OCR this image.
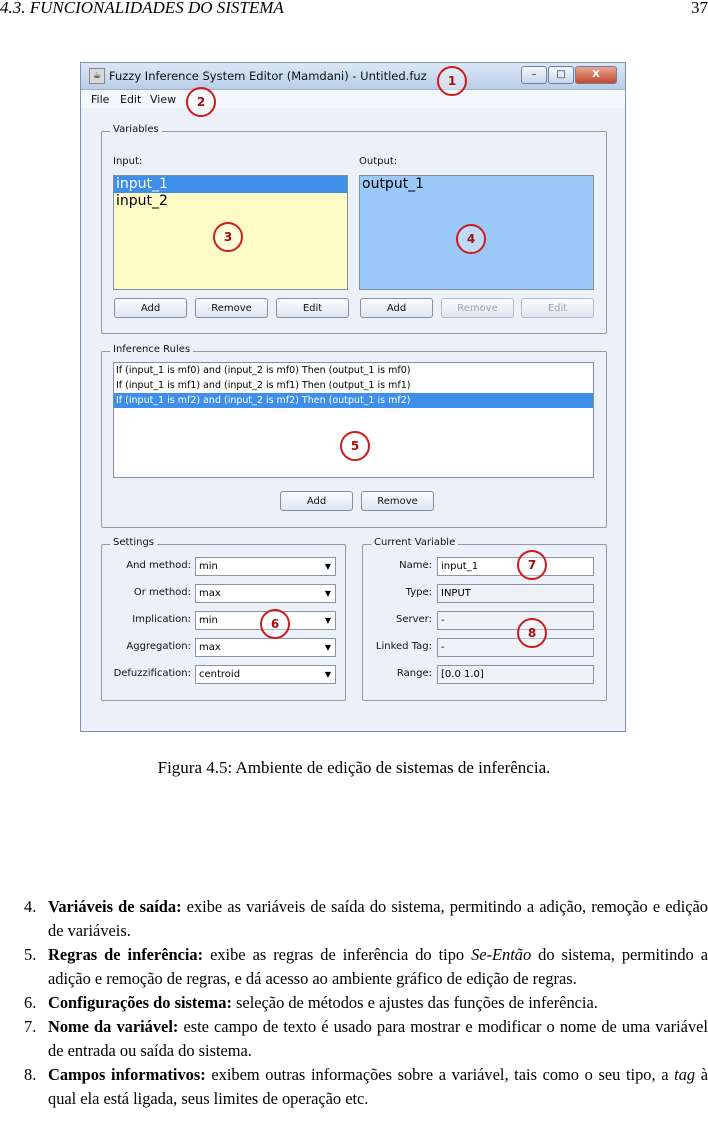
4.3. FUNCIONALIDADES DO SISTEMA	37
☕ Fuzzy Inference System Editor (Mamdani) - Untitled.fuz	–	□	X
File Edit View
Variables
Input:	Output:
input_1
input_2
output_1
Add	Remove	Edit	Add	Remove	Edit
Inference Rules
If (input_1 is mf0) and (input_2 is mf0) Then (output_1 is mf0)
If (input_1 is mf1) and (input_2 is mf1) Then (output_1 is mf1)
If (input_1 is mf2) and (input_2 is mf2) Then (output_1 is mf2)
Add	Remove
Settings
And method: min	▼
Or method: max	▼
Implication: min	▼
Aggregation: max	▼
Defuzzification: centroid	▼
Current Variable
Name: input_1
Type: INPUT
Server: -
Linked Tag: -
Range: [0.0 1.0]
1
2
3	4
5
6
7
8
Figura 4.5: Ambiente de edição de sistemas de inferência.
4. Variáveis de saída: exibe as variáveis de saída do sistema, permitindo a adição, remoção e edição de variáveis.
5. Regras de inferência: exibe as regras de inferência do tipo Se-Então do sistema, permitindo a adição e remoção de regras, e dá acesso ao ambiente gráfico de edição de regras.
6. Configurações do sistema: seleção de métodos e ajustes das funções de inferência.
7. Nome da variável: este campo de texto é usado para mostrar e modificar o nome de uma variável de entrada ou saída do sistema.
8. Campos informativos: exibem outras informações sobre a variável, tais como o seu tipo, a tag à qual ela está ligada, seus limites de operação etc.
